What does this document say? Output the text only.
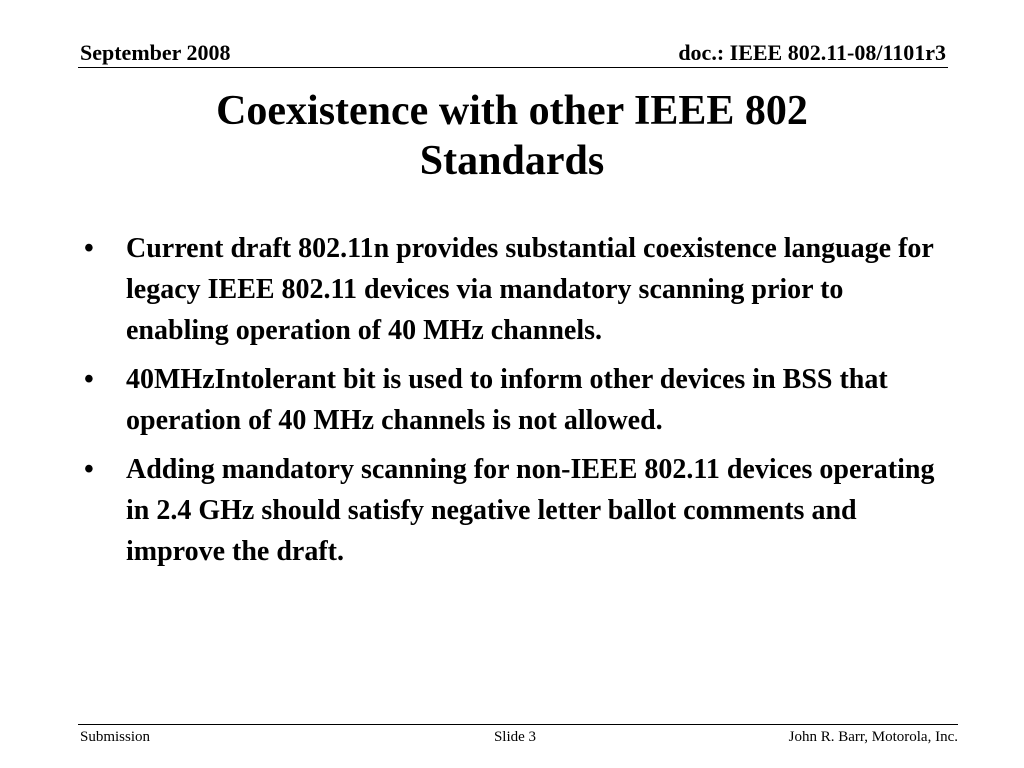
September 2008	doc.: IEEE 802.11-08/1101r3
Coexistence with other IEEE 802
Standards
•	Current draft 802.11n provides substantial coexistence language for legacy IEEE 802.11 devices via mandatory scanning prior to enabling operation of 40 MHz channels.
•	40MHzIntolerant bit is used to inform other devices in BSS that operation of 40 MHz channels is not allowed.
•	Adding mandatory scanning for non-IEEE 802.11 devices operating in 2.4 GHz should satisfy negative letter ballot comments and improve the draft.
Submission	Slide 3	John R. Barr, Motorola, Inc.
